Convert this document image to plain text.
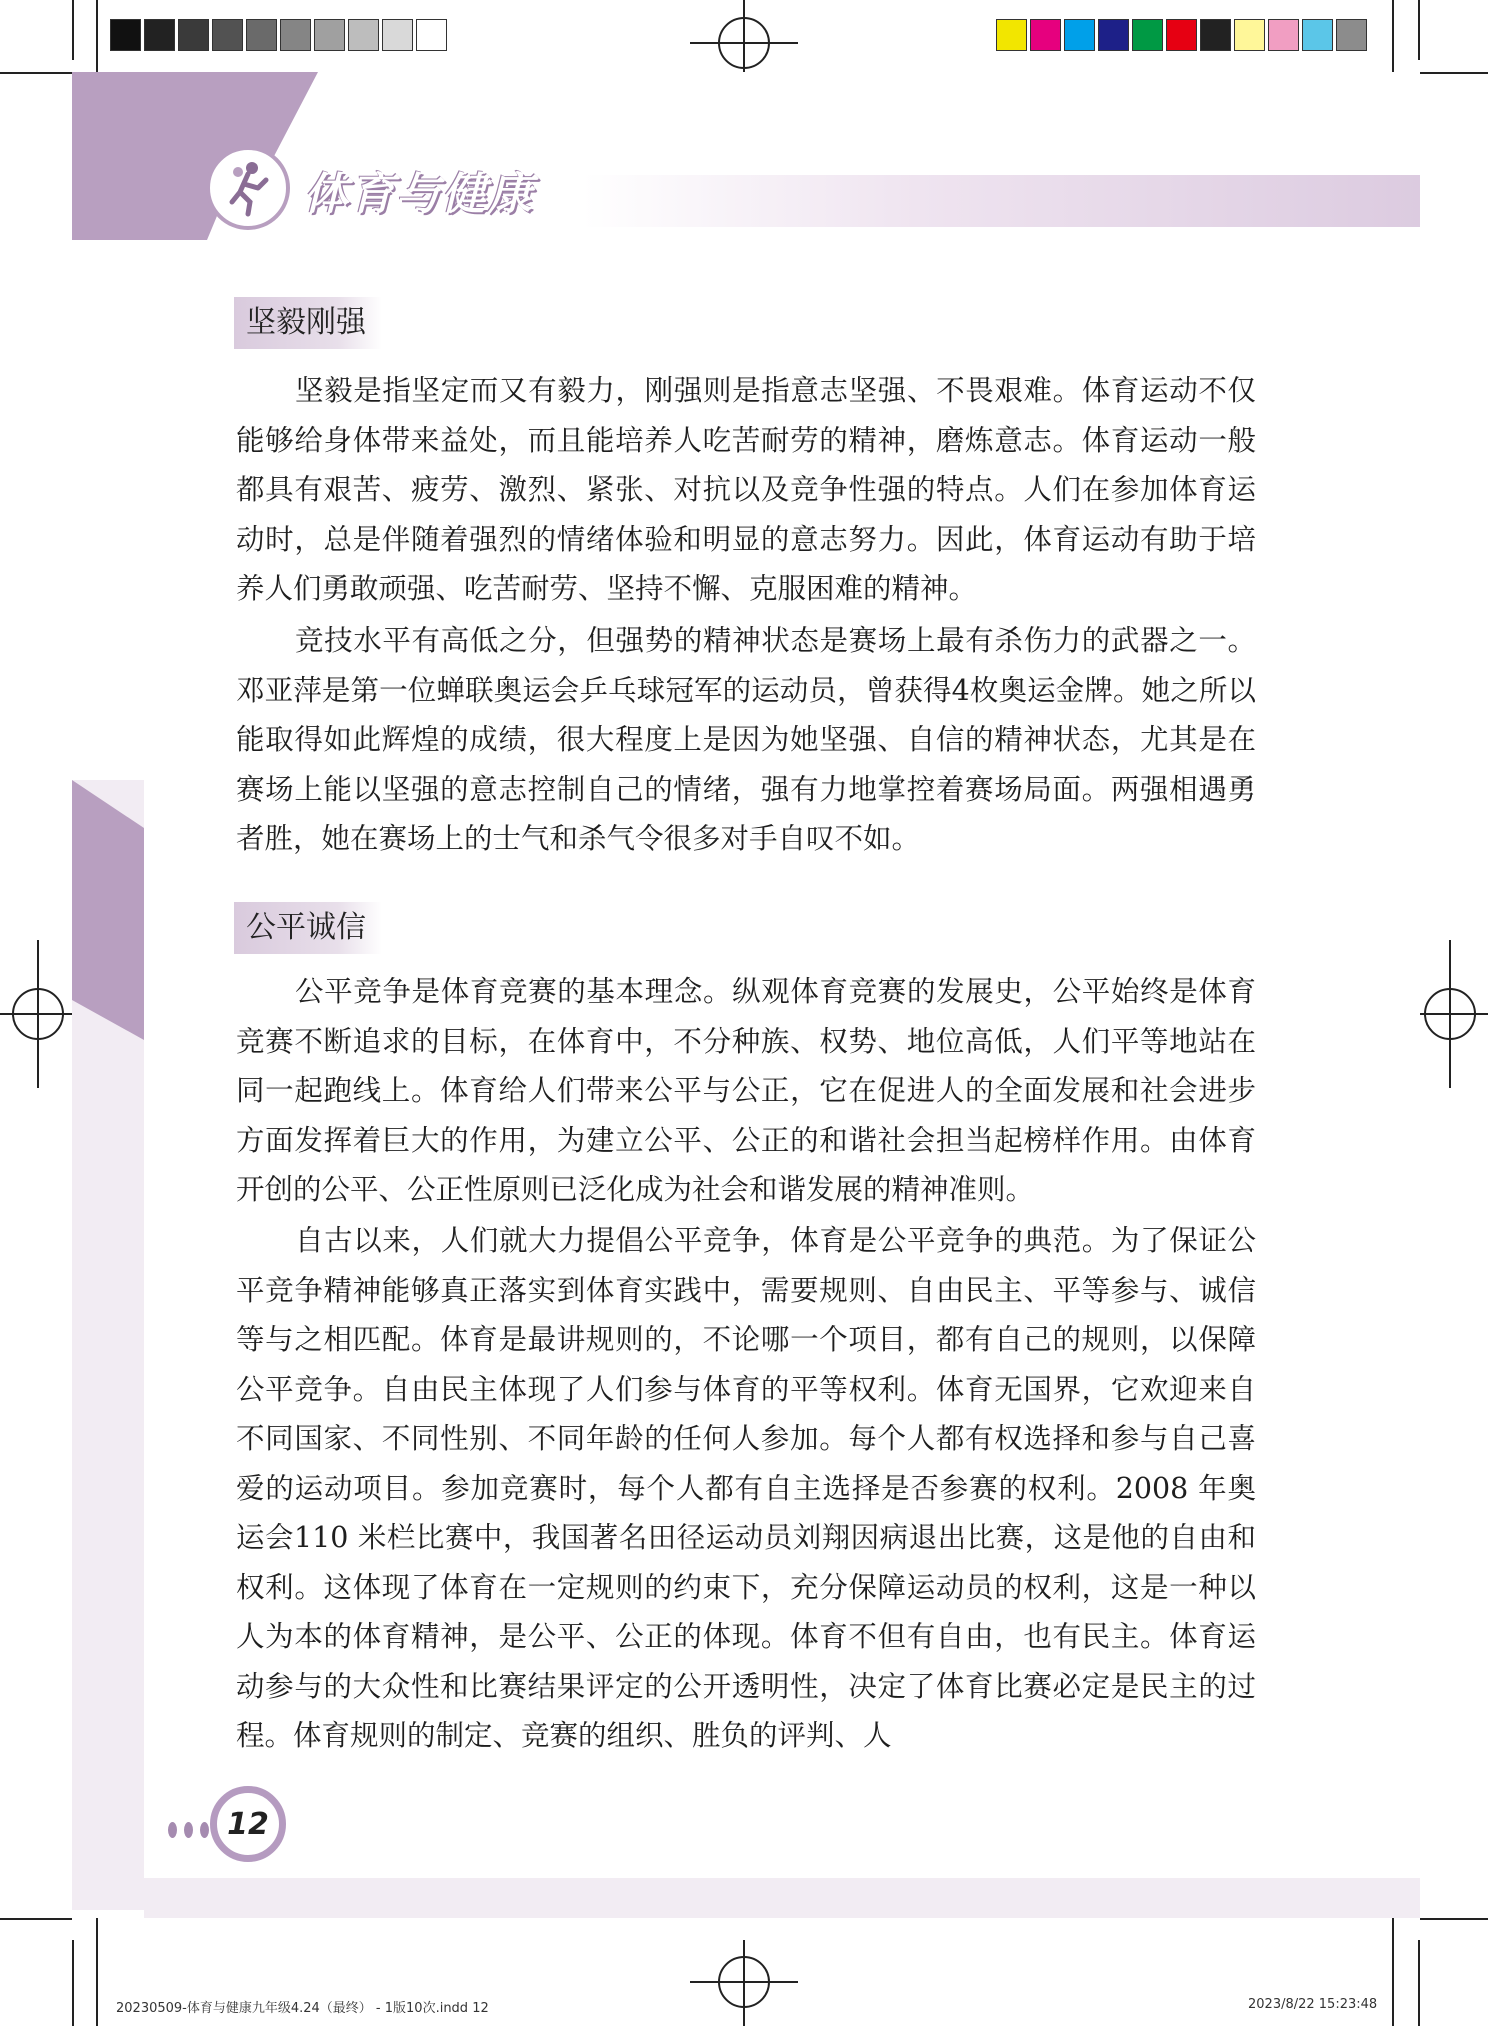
体育与健康
坚毅刚强

坚毅是指坚定而又有毅力，刚强则是指意志坚强、不畏艰难。体育运动不仅能够给身体带来益处，而且能培养人吃苦耐劳的精神，磨炼意志。体育运动一般都具有艰苦、疲劳、激烈、紧张、对抗以及竞争性强的特点。人们在参加体育运动时，总是伴随着强烈的情绪体验和明显的意志努力。因此，体育运动有助于培养人们勇敢顽强、吃苦耐劳、坚持不懈、克服困难的精神。

竞技水平有高低之分，但强势的精神状态是赛场上最有杀伤力的武器之一。邓亚萍是第一位蝉联奥运会乒乓球冠军的运动员，曾获得4枚奥运金牌。她之所以能取得如此辉煌的成绩，很大程度上是因为她坚强、自信的精神状态，尤其是在赛场上能以坚强的意志控制自己的情绪，强有力地掌控着赛场局面。两强相遇勇者胜，她在赛场上的士气和杀气令很多对手自叹不如。

公平诚信

公平竞争是体育竞赛的基本理念。纵观体育竞赛的发展史，公平始终是体育竞赛不断追求的目标，在体育中，不分种族、权势、地位高低，人们平等地站在同一起跑线上。体育给人们带来公平与公正，它在促进人的全面发展和社会进步方面发挥着巨大的作用，为建立公平、公正的和谐社会担当起榜样作用。由体育开创的公平、公正性原则已泛化成为社会和谐发展的精神准则。

自古以来，人们就大力提倡公平竞争，体育是公平竞争的典范。为了保证公平竞争精神能够真正落实到体育实践中，需要规则、自由民主、平等参与、诚信等与之相匹配。体育是最讲规则的，不论哪一个项目，都有自己的规则，以保障公平竞争。自由民主体现了人们参与体育的平等权利。体育无国界，它欢迎来自不同国家、不同性别、不同年龄的任何人参加。每个人都有权选择和参与自己喜爱的运动项目。参加竞赛时，每个人都有自主选择是否参赛的权利。2008 年奥运会110 米栏比赛中，我国著名田径运动员刘翔因病退出比赛，这是他的自由和权利。这体现了体育在一定规则的约束下，充分保障运动员的权利，这是一种以人为本的体育精神，是公平、公正的体现。体育不但有自由，也有民主。体育运动参与的大众性和比赛结果评定的公开透明性，决定了体育比赛必定是民主的过程。体育规则的制定、竞赛的组织、胜负的评判、人

12
20230509-体育与健康九年级4.24（最终） - 1版10次.indd 12	2023/8/22 15:23:48
